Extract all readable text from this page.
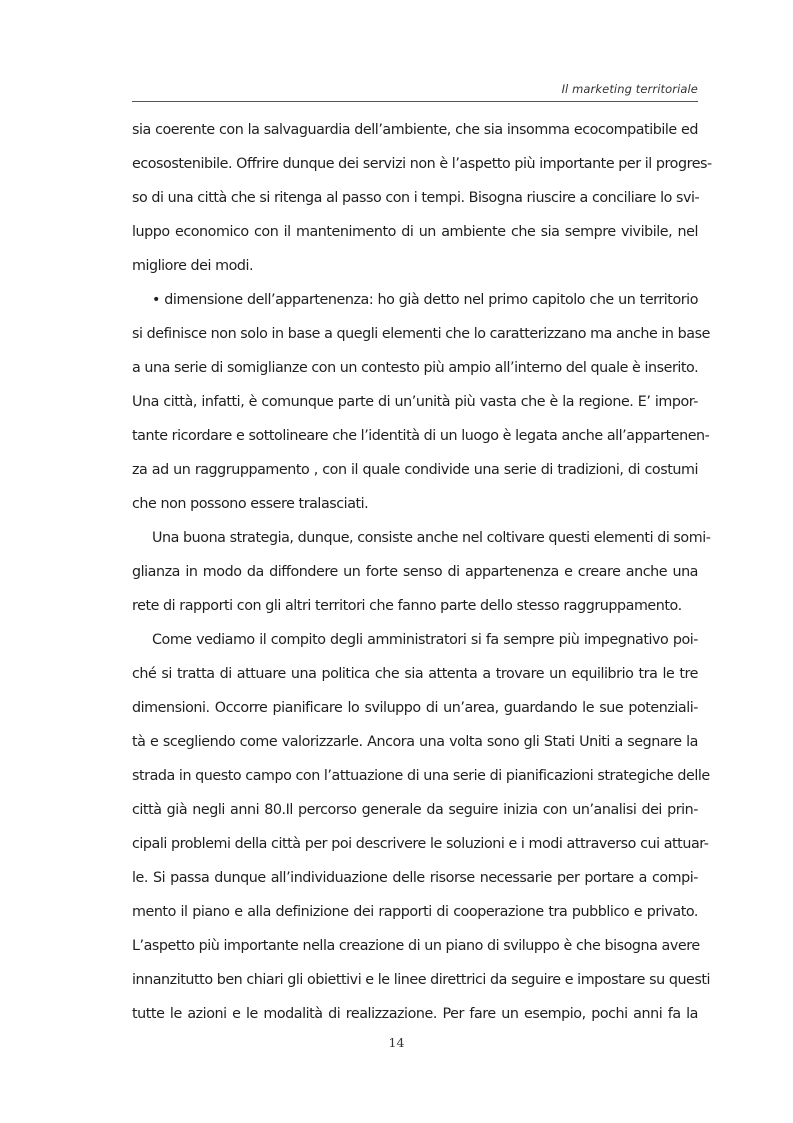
Il marketing territoriale
sia coerente con la salvaguardia dell’ambiente, che sia insomma ecocompatibile ed
ecosostenibile. Offrire dunque dei servizi non è l’aspetto più importante per il progres-
so di una città che si ritenga al passo con i tempi. Bisogna riuscire a conciliare lo svi-
luppo economico con il mantenimento di un ambiente che sia sempre vivibile, nel
migliore dei modi.
• dimensione dell’appartenenza: ho già detto nel primo capitolo che un territorio
si definisce non solo in base a quegli elementi che lo caratterizzano ma anche in base
a una serie di somiglianze con un contesto più ampio all’interno del quale è inserito.
Una città, infatti, è comunque parte di un’unità più vasta che è la regione. E’ impor-
tante ricordare e sottolineare che l’identità di un luogo è legata anche all’appartenen-
za ad un raggruppamento , con il quale condivide una serie di tradizioni, di costumi
che non possono essere tralasciati.
Una buona strategia, dunque, consiste anche nel coltivare questi elementi di somi-
glianza in modo da diffondere un forte senso di appartenenza e creare anche una
rete di rapporti con gli altri territori che fanno parte dello stesso raggruppamento.
Come vediamo il compito degli amministratori si fa sempre più impegnativo poi-
ché si tratta di attuare una politica che sia attenta a trovare un equilibrio tra le tre
dimensioni. Occorre pianificare lo sviluppo di un’area, guardando le sue potenziali-
tà e scegliendo come valorizzarle. Ancora una volta sono gli Stati Uniti a segnare la
strada in questo campo con l’attuazione di una serie di pianificazioni strategiche delle
città già negli anni 80.Il percorso generale da seguire inizia con un’analisi dei prin-
cipali problemi della città per poi descrivere le soluzioni e i modi attraverso cui attuar-
le. Si passa dunque all’individuazione delle risorse necessarie per portare a compi-
mento il piano e alla definizione dei rapporti di cooperazione tra pubblico e privato.
L’aspetto più importante nella creazione di un piano di sviluppo è che bisogna avere
innanzitutto ben chiari gli obiettivi e le linee direttrici da seguire e impostare su questi
tutte le azioni e le modalità di realizzazione. Per fare un esempio, pochi anni fa la
14
